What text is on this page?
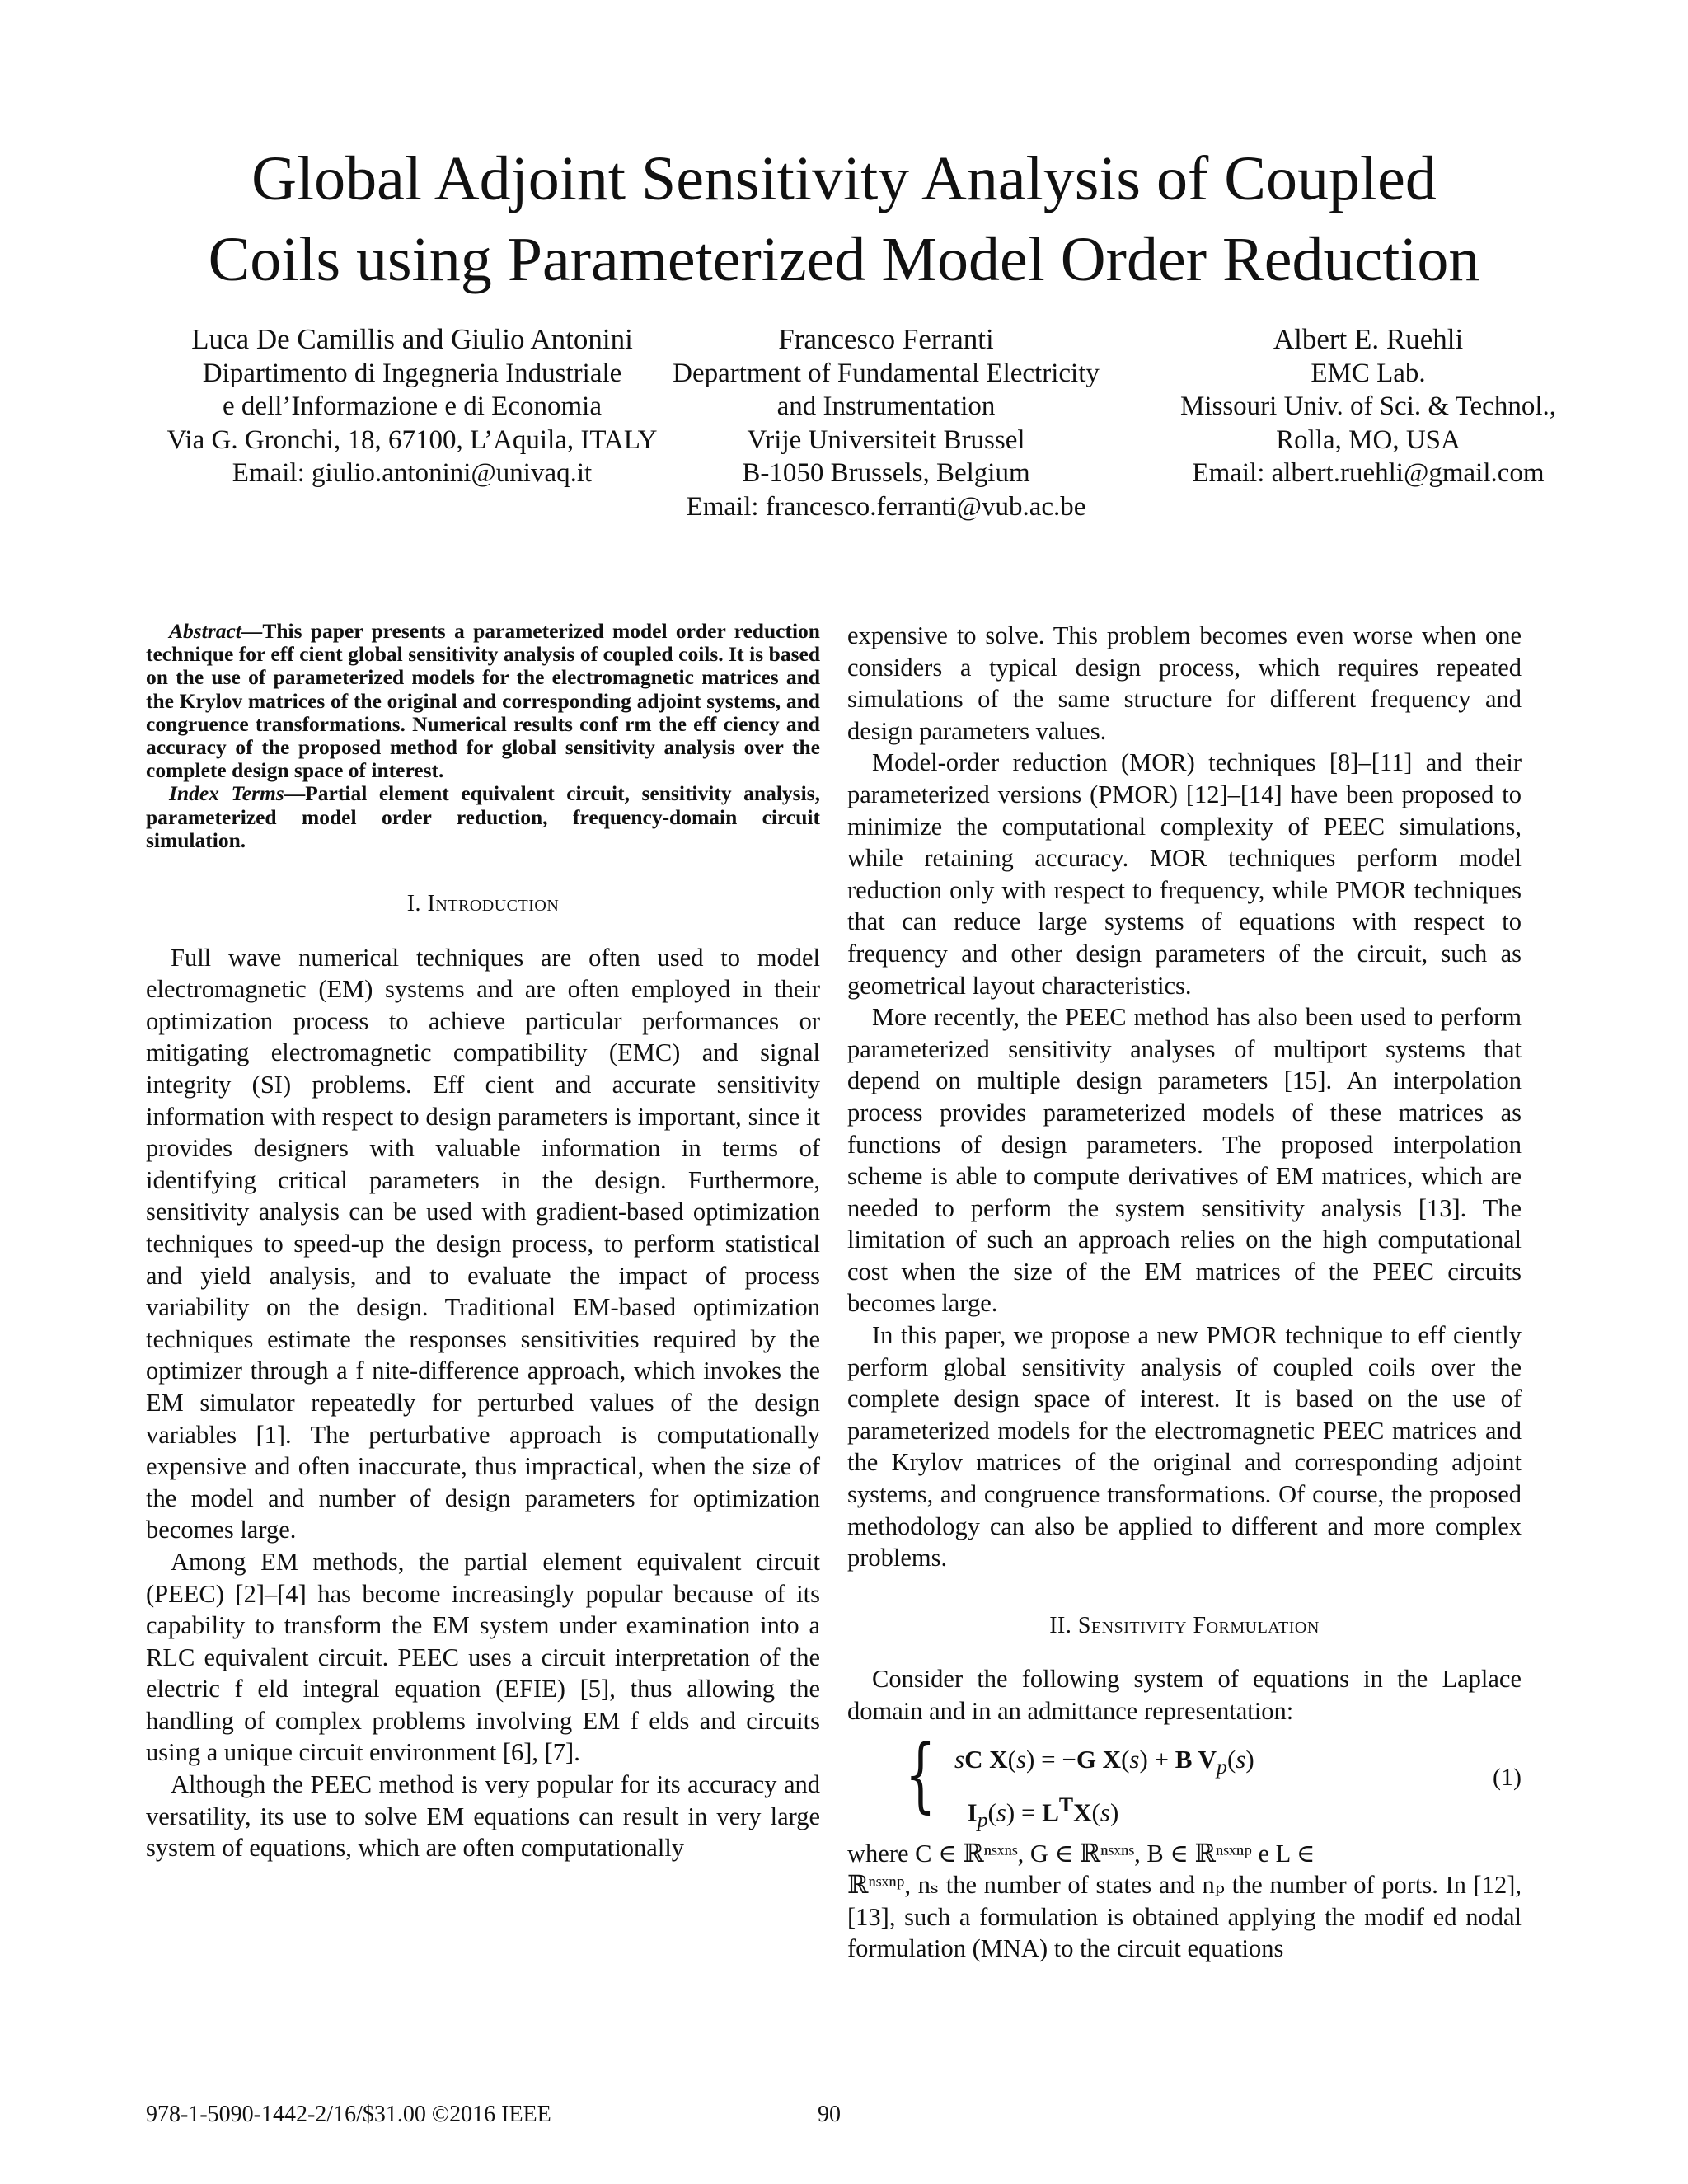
Global Adjoint Sensitivity Analysis of Coupled
Coils using Parameterized Model Order Reduction
Luca De Camillis and Giulio Antonini
Dipartimento di Ingegneria Industriale
e dell’Informazione e di Economia
Via G. Gronchi, 18, 67100, L’Aquila, ITALY
Email: giulio.antonini@univaq.it
Francesco Ferranti
Department of Fundamental Electricity
and Instrumentation
Vrije Universiteit Brussel
B-1050 Brussels, Belgium
Email: francesco.ferranti@vub.ac.be
Albert E. Ruehli
EMC Lab.
Missouri Univ. of Sci. & Technol.,
Rolla, MO, USA
Email: albert.ruehli@gmail.com

Abstract—This paper presents a parameterized model order reduction technique for eff cient global sensitivity analysis of coupled coils. It is based on the use of parameterized models for the electromagnetic matrices and the Krylov matrices of the original and corresponding adjoint systems, and congruence transformations. Numerical results conf rm the eff ciency and accuracy of the proposed method for global sensitivity analysis over the complete design space of interest.

Index Terms—Partial element equivalent circuit, sensitivity analysis, parameterized model order reduction, frequency-domain circuit simulation.

I. Introduction

Full wave numerical techniques are often used to model electromagnetic (EM) systems and are often employed in their optimization process to achieve particular performances or mitigating electromagnetic compatibility (EMC) and signal integrity (SI) problems. Eff cient and accurate sensitivity information with respect to design parameters is important, since it provides designers with valuable information in terms of identifying critical parameters in the design. Furthermore, sensitivity analysis can be used with gradient-based optimization techniques to speed-up the design process, to perform statistical and yield analysis, and to evaluate the impact of process variability on the design. Traditional EM-based optimization techniques estimate the responses sensitivities required by the optimizer through a f nite-difference approach, which invokes the EM simulator repeatedly for perturbed values of the design variables [1]. The perturbative approach is computationally expensive and often inaccurate, thus impractical, when the size of the model and number of design parameters for optimization becomes large.

Among EM methods, the partial element equivalent circuit (PEEC) [2]–[4] has become increasingly popular because of its capability to transform the EM system under examination into a RLC equivalent circuit. PEEC uses a circuit interpretation of the electric f eld integral equation (EFIE) [5], thus allowing the handling of complex problems involving EM f elds and circuits using a unique circuit environment [6], [7].

Although the PEEC method is very popular for its accuracy and versatility, its use to solve EM equations can result in very large system of equations, which are often computationally

expensive to solve. This problem becomes even worse when one considers a typical design process, which requires repeated simulations of the same structure for different frequency and design parameters values.

Model-order reduction (MOR) techniques [8]–[11] and their parameterized versions (PMOR) [12]–[14] have been proposed to minimize the computational complexity of PEEC simulations, while retaining accuracy. MOR techniques perform model reduction only with respect to frequency, while PMOR techniques that can reduce large systems of equations with respect to frequency and other design parameters of the circuit, such as geometrical layout characteristics.

More recently, the PEEC method has also been used to perform parameterized sensitivity analyses of multiport systems that depend on multiple design parameters [15]. An interpolation process provides parameterized models of these matrices as functions of design parameters. The proposed interpolation scheme is able to compute derivatives of EM matrices, which are needed to perform the system sensitivity analysis [13]. The limitation of such an approach relies on the high computational cost when the size of the EM matrices of the PEEC circuits becomes large.

In this paper, we propose a new PMOR technique to eff ciently perform global sensitivity analysis of coupled coils over the complete design space of interest. It is based on the use of parameterized models for the electromagnetic PEEC matrices and the Krylov matrices of the original and corresponding adjoint systems, and congruence transformations. Of course, the proposed methodology can also be applied to different and more complex problems.

II. Sensitivity Formulation

Consider the following system of equations in the Laplace domain and in an admittance representation:

{ sC X(s) = −G X(s) + B $V_p(s)$
$I_p(s) = L^TX(s)$
(1)

where C ∈ ℝⁿˢˣⁿˢ, G ∈ ℝⁿˢˣⁿˢ, B ∈ ℝⁿˢˣⁿᵖ e L ∈

ℝⁿˢˣⁿᵖ, nₛ the number of states and nₚ the number of ports. In [12], [13], such a formulation is obtained applying the modif ed nodal formulation (MNA) to the circuit equations

978-1-5090-1442-2/16/$31.00 ©2016 IEEE	90
